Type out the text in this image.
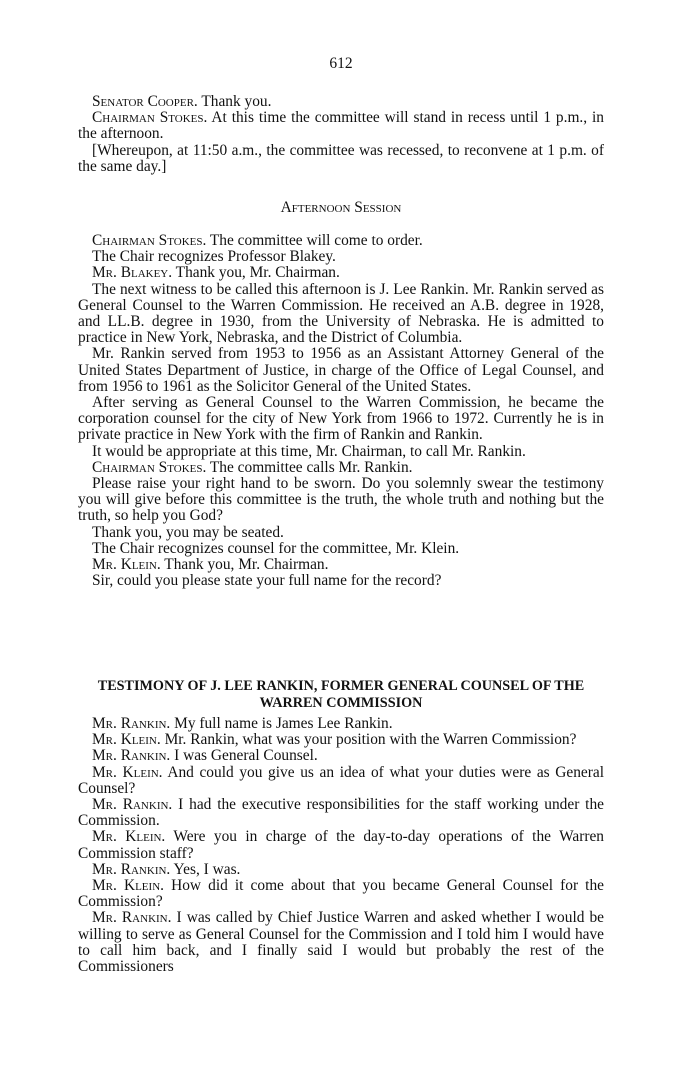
612

Senator Cooper. Thank you.

Chairman Stokes. At this time the committee will stand in recess until 1 p.m., in the afternoon.

[Whereupon, at 11:50 a.m., the committee was recessed, to reconvene at 1 p.m. of the same day.]

Afternoon Session

Chairman Stokes. The committee will come to order.

The Chair recognizes Professor Blakey.

Mr. Blakey. Thank you, Mr. Chairman.

The next witness to be called this afternoon is J. Lee Rankin. Mr. Rankin served as General Counsel to the Warren Commission. He received an A.B. degree in 1928, and LL.B. degree in 1930, from the University of Nebraska. He is admitted to practice in New York, Nebraska, and the District of Columbia.

Mr. Rankin served from 1953 to 1956 as an Assistant Attorney General of the United States Department of Justice, in charge of the Office of Legal Counsel, and from 1956 to 1961 as the Solicitor General of the United States.

After serving as General Counsel to the Warren Commission, he became the corporation counsel for the city of New York from 1966 to 1972. Currently he is in private practice in New York with the firm of Rankin and Rankin.

It would be appropriate at this time, Mr. Chairman, to call Mr. Rankin.

Chairman Stokes. The committee calls Mr. Rankin.

Please raise your right hand to be sworn. Do you solemnly swear the testimony you will give before this committee is the truth, the whole truth and nothing but the truth, so help you God?

Thank you, you may be seated.

The Chair recognizes counsel for the committee, Mr. Klein.

Mr. Klein. Thank you, Mr. Chairman.

Sir, could you please state your full name for the record?

TESTIMONY OF J. LEE RANKIN, FORMER GENERAL COUNSEL OF THE WARREN COMMISSION

Mr. Rankin. My full name is James Lee Rankin.

Mr. Klein. Mr. Rankin, what was your position with the Warren Commission?

Mr. Rankin. I was General Counsel.

Mr. Klein. And could you give us an idea of what your duties were as General Counsel?

Mr. Rankin. I had the executive responsibilities for the staff working under the Commission.

Mr. Klein. Were you in charge of the day-to-day operations of the Warren Commission staff?

Mr. Rankin. Yes, I was.

Mr. Klein. How did it come about that you became General Counsel for the Commission?

Mr. Rankin. I was called by Chief Justice Warren and asked whether I would be willing to serve as General Counsel for the Commission and I told him I would have to call him back, and I finally said I would but probably the rest of the Commissioners
